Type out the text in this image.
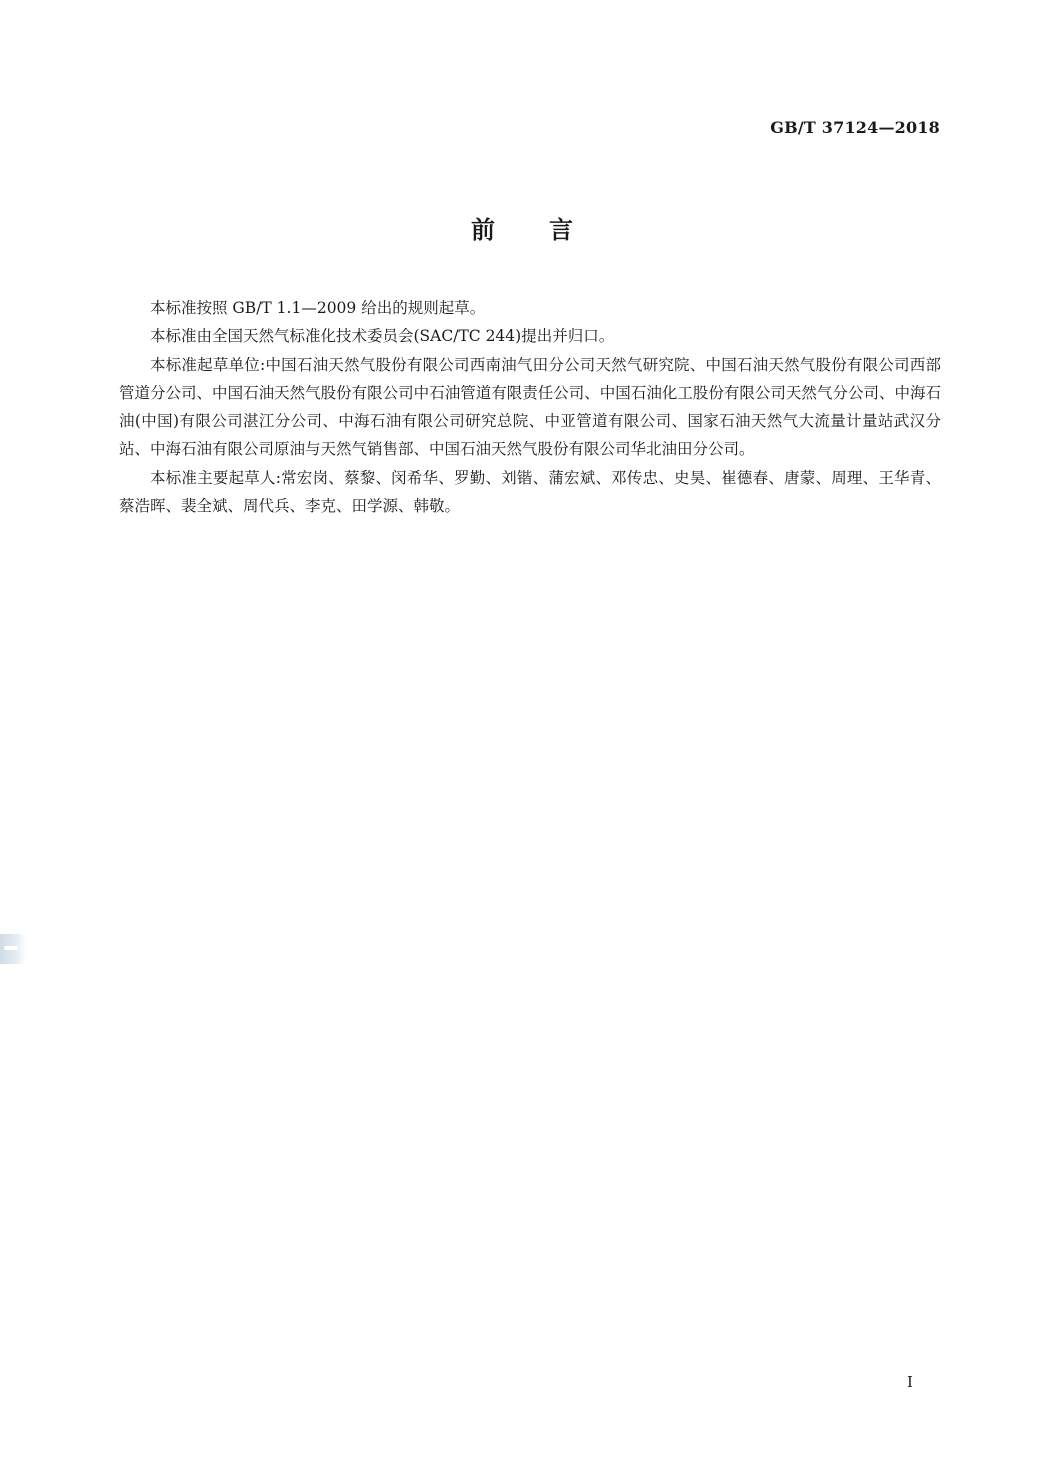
GB/T 37124—2018
前言

本标准按照 GB/T 1.1—2009 给出的规则起草。

本标准由全国天然气标准化技术委员会(SAC/TC 244)提出并归口。

本标准起草单位:中国石油天然气股份有限公司西南油气田分公司天然气研究院、中国石油天然气股份有限公司西部管道分公司、中国石油天然气股份有限公司中石油管道有限责任公司、中国石油化工股份有限公司天然气分公司、中海石油(中国)有限公司湛江分公司、中海石油有限公司研究总院、中亚管道有限公司、国家石油天然气大流量计量站武汉分站、中海石油有限公司原油与天然气销售部、中国石油天然气股份有限公司华北油田分公司。

本标准主要起草人:常宏岗、蔡黎、闵希华、罗勤、刘锴、蒲宏斌、邓传忠、史昊、崔德春、唐蒙、周理、王华青、蔡浩晖、裴全斌、周代兵、李克、田学源、韩敬。

I
